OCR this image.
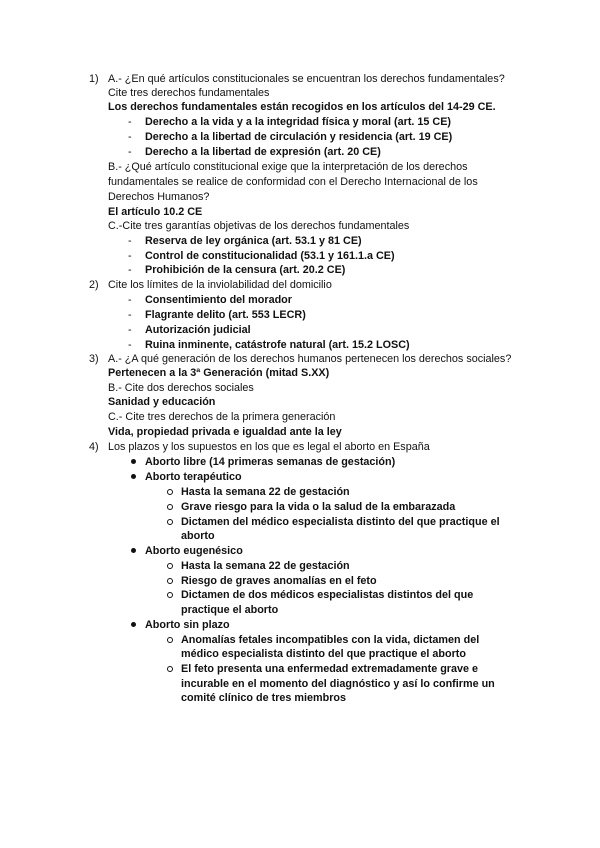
1) A.- ¿En qué artículos constitucionales se encuentran los derechos fundamentales?
Cite tres derechos fundamentales
Los derechos fundamentales están recogidos en los artículos del 14-29 CE.
- Derecho a la vida y a la integridad física y moral (art. 15 CE)
- Derecho a la libertad de circulación y residencia (art. 19 CE)
- Derecho a la libertad de expresión (art. 20 CE)
B.- ¿Qué artículo constitucional exige que la interpretación de los derechos
fundamentales se realice de conformidad con el Derecho Internacional de los
Derechos Humanos?
El artículo 10.2 CE
C.-Cite tres garantías objetivas de los derechos fundamentales
- Reserva de ley orgánica (art. 53.1 y 81 CE)
- Control de constitucionalidad (53.1 y 161.1.a CE)
- Prohibición de la censura (art. 20.2 CE)
2) Cite los límites de la inviolabilidad del domicilio
- Consentimiento del morador
- Flagrante delito (art. 553 LECR)
- Autorización judicial
- Ruina inminente, catástrofe natural (art. 15.2 LOSC)
3) A.- ¿A qué generación de los derechos humanos pertenecen los derechos sociales?
Pertenecen a la 3ª Generación (mitad S.XX)
B.- Cite dos derechos sociales
Sanidad y educación
C.- Cite tres derechos de la primera generación
Vida, propiedad privada e igualdad ante la ley
4) Los plazos y los supuestos en los que es legal el aborto en España
Aborto libre (14 primeras semanas de gestación)
Aborto terapéutico
Hasta la semana 22 de gestación
Grave riesgo para la vida o la salud de la embarazada
Dictamen del médico especialista distinto del que practique el
aborto
Aborto eugenésico
Hasta la semana 22 de gestación
Riesgo de graves anomalías en el feto
Dictamen de dos médicos especialistas distintos del que
practique el aborto
Aborto sin plazo
Anomalías fetales incompatibles con la vida, dictamen del
médico especialista distinto del que practique el aborto
El feto presenta una enfermedad extremadamente grave e
incurable en el momento del diagnóstico y así lo confirme un
comité clínico de tres miembros
